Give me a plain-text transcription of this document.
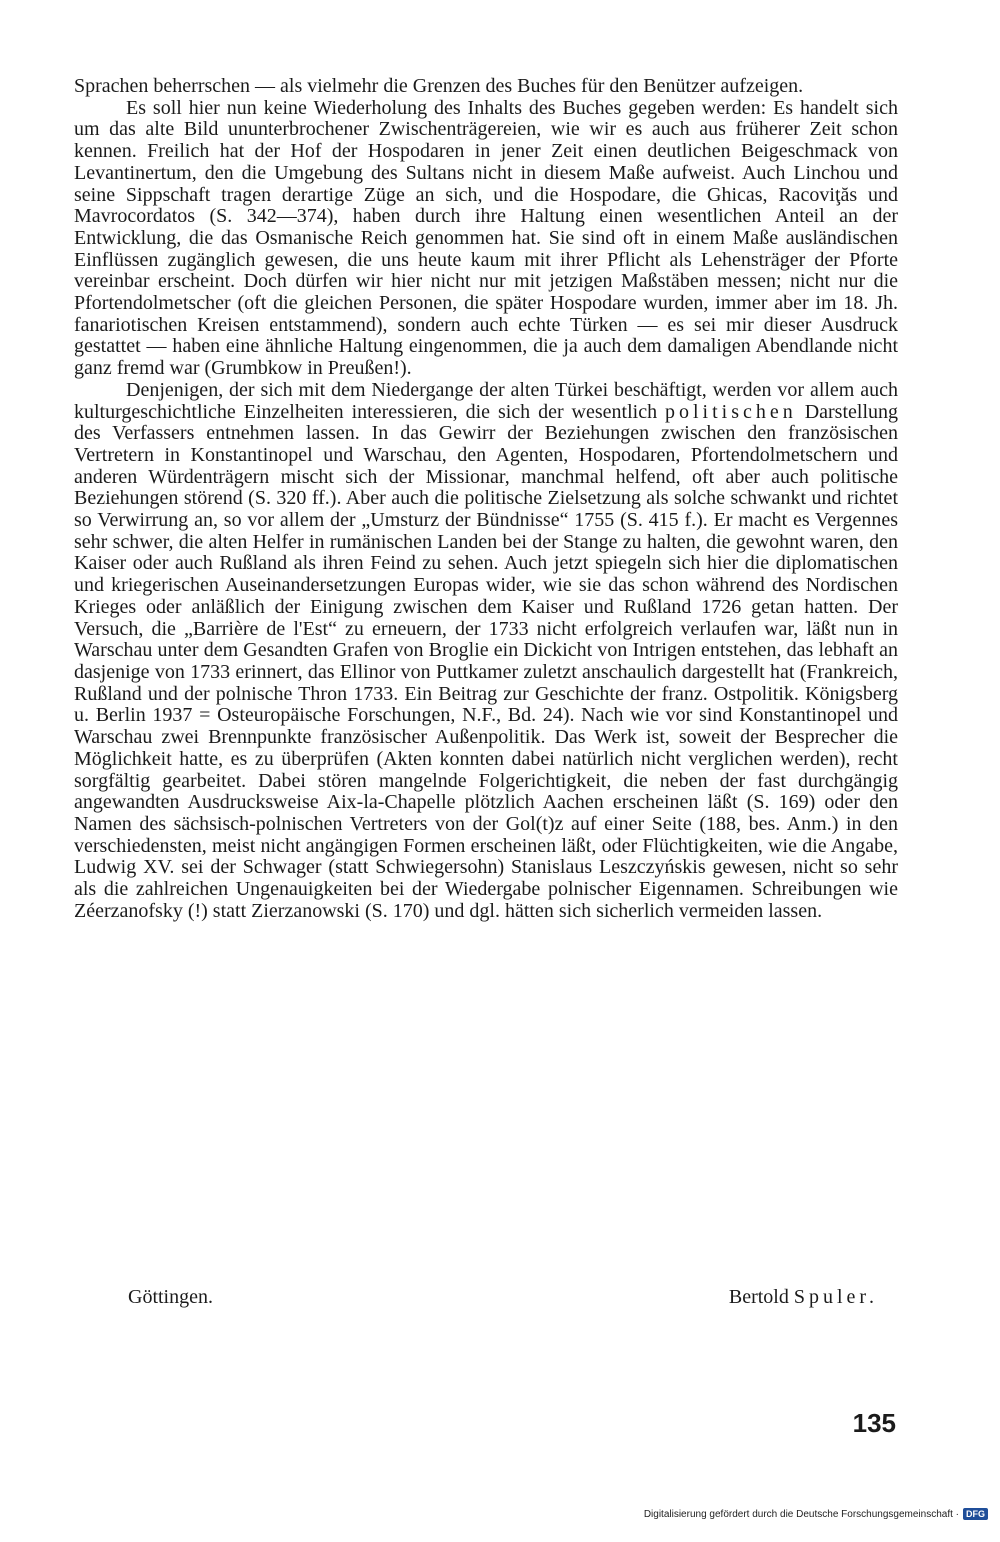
Sprachen beherrschen — als vielmehr die Grenzen des Buches für den Benützer aufzeigen.

Es soll hier nun keine Wiederholung des Inhalts des Buches gegeben werden: Es handelt sich um das alte Bild ununterbrochener Zwischenträgereien, wie wir es auch aus früherer Zeit schon kennen. Freilich hat der Hof der Hospodaren in jener Zeit einen deutlichen Beigeschmack von Levantinertum, den die Umgebung des Sultans nicht in diesem Maße aufweist. Auch Linchou und seine Sippschaft tragen derartige Züge an sich, und die Hospodare, die Ghicas, Racoviţăs und Mavrocordatos (S. 342—374), haben durch ihre Haltung einen wesentlichen Anteil an der Entwicklung, die das Osmanische Reich genommen hat. Sie sind oft in einem Maße ausländischen Einflüssen zugänglich gewesen, die uns heute kaum mit ihrer Pflicht als Lehensträger der Pforte vereinbar erscheint. Doch dürfen wir hier nicht nur mit jetzigen Maßstäben messen; nicht nur die Pfortendolmetscher (oft die gleichen Personen, die später Hospodare wurden, immer aber im 18. Jh. fanariotischen Kreisen entstammend), sondern auch echte Türken — es sei mir dieser Ausdruck gestattet — haben eine ähnliche Haltung eingenommen, die ja auch dem damaligen Abendlande nicht ganz fremd war (Grumbkow in Preußen!).

Denjenigen, der sich mit dem Niedergange der alten Türkei beschäftigt, werden vor allem auch kulturgeschichtliche Einzelheiten interessieren, die sich der wesentlich politischen Darstellung des Verfassers entnehmen lassen. In das Gewirr der Beziehungen zwischen den französischen Vertretern in Konstantinopel und Warschau, den Agenten, Hospodaren, Pfortendolmetschern und anderen Würdenträgern mischt sich der Missionar, manchmal helfend, oft aber auch politische Beziehungen störend (S. 320 ff.). Aber auch die politische Zielsetzung als solche schwankt und richtet so Verwirrung an, so vor allem der „Umsturz der Bündnisse“ 1755 (S. 415 f.). Er macht es Vergennes sehr schwer, die alten Helfer in rumänischen Landen bei der Stange zu halten, die gewohnt waren, den Kaiser oder auch Rußland als ihren Feind zu sehen. Auch jetzt spiegeln sich hier die diplomatischen und kriegerischen Auseinandersetzungen Europas wider, wie sie das schon während des Nordischen Krieges oder anläßlich der Einigung zwischen dem Kaiser und Rußland 1726 getan hatten. Der Versuch, die „Barrière de l'Est“ zu erneuern, der 1733 nicht erfolgreich verlaufen war, läßt nun in Warschau unter dem Gesandten Grafen von Broglie ein Dickicht von Intrigen entstehen, das lebhaft an dasjenige von 1733 erinnert, das Ellinor von Puttkamer zuletzt anschaulich dargestellt hat (Frankreich, Rußland und der polnische Thron 1733. Ein Beitrag zur Geschichte der franz. Ostpolitik. Königsberg u. Berlin 1937 = Osteuropäische Forschungen, N.F., Bd. 24). Nach wie vor sind Konstantinopel und Warschau zwei Brennpunkte französischer Außenpolitik. Das Werk ist, soweit der Besprecher die Möglichkeit hatte, es zu überprüfen (Akten konnten dabei natürlich nicht verglichen werden), recht sorgfältig gearbeitet. Dabei stören mangelnde Folgerichtigkeit, die neben der fast durchgängig angewandten Ausdrucksweise Aix-la-Chapelle plötzlich Aachen erscheinen läßt (S. 169) oder den Namen des sächsisch-polnischen Vertreters von der Gol(t)z auf einer Seite (188, bes. Anm.) in den verschiedensten, meist nicht angängigen Formen erscheinen läßt, oder Flüchtigkeiten, wie die Angabe, Ludwig XV. sei der Schwager (statt Schwiegersohn) Stanislaus Leszczyńskis gewesen, nicht so sehr als die zahlreichen Ungenauigkeiten bei der Wiedergabe polnischer Eigennamen. Schreibungen wie Zéerzanofsky (!) statt Zierzanowski (S. 170) und dgl. hätten sich sicherlich vermeiden lassen.

Göttingen.	Bertold Spuler.
135
Digitalisierung gefördert durch die Deutsche Forschungsgemeinschaft · DFG
